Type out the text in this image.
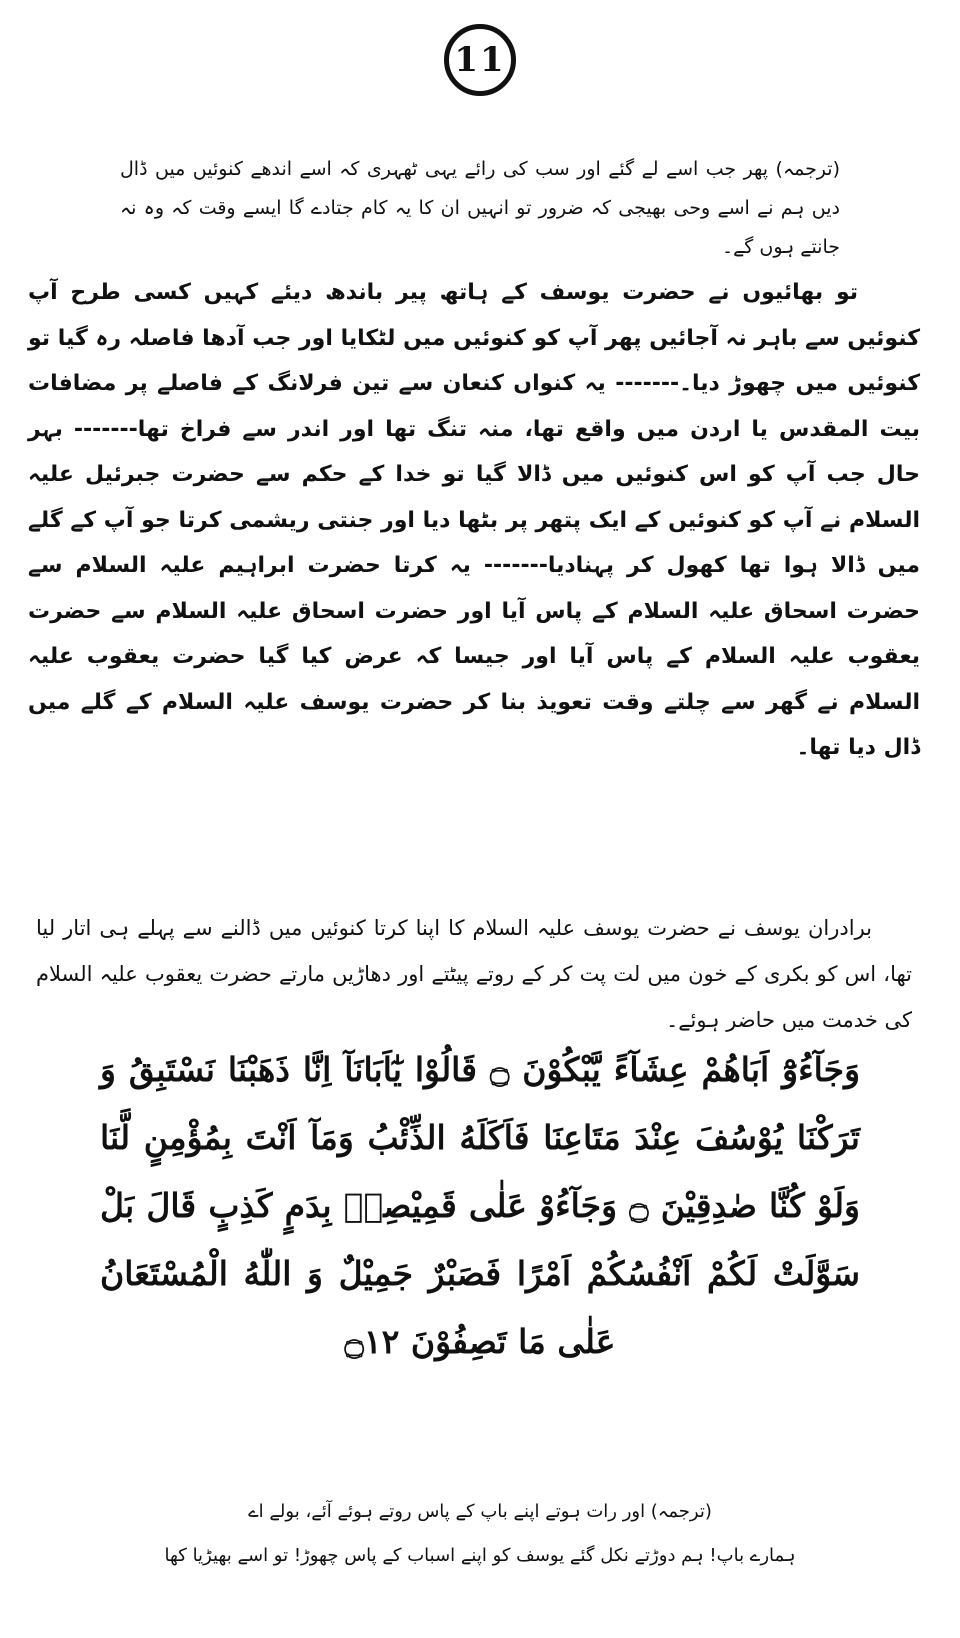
11

(ترجمہ) پھر جب اسے لے گئے اور سب کی رائے یہی ٹھہری کہ اسے اندھے کنوئیں میں ڈال دیں ہم نے اسے وحی بھیجی کہ ضرور تو انہیں ان کا یہ کام جتادے گا ایسے وقت کہ وہ نہ جانتے ہوں گے۔

تو بھائیوں نے حضرت یوسف کے ہاتھ پیر باندھ دیئے کہیں کسی طرح آپ کنوئیں سے باہر نہ آجائیں پھر آپ کو کنوئیں میں لٹکایا اور جب آدھا فاصلہ رہ گیا تو کنوئیں میں چھوڑ دیا۔------- یہ کنواں کنعان سے تین فرلانگ کے فاصلے پر مضافات بیت المقدس یا اردن میں واقع تھا، منہ تنگ تھا اور اندر سے فراخ تھا------- بہر حال جب آپ کو اس کنوئیں میں ڈالا گیا تو خدا کے حکم سے حضرت جبرئیل علیہ السلام نے آپ کو کنوئیں کے ایک پتھر پر بٹھا دیا اور جنتی ریشمی کرتا جو آپ کے گلے میں ڈالا ہوا تھا کھول کر پہنادیا------- یہ کرتا حضرت ابراہیم علیہ السلام سے حضرت اسحاق علیہ السلام کے پاس آیا اور حضرت اسحاق علیہ السلام سے حضرت یعقوب علیہ السلام کے پاس آیا اور جیسا کہ عرض کیا گیا حضرت یعقوب علیہ السلام نے گھر سے چلتے وقت تعویذ بنا کر حضرت یوسف علیہ السلام کے گلے میں ڈال دیا تھا۔

برادران یوسف نے حضرت یوسف علیہ السلام کا اپنا کرتا کنوئیں میں ڈالنے سے پہلے ہی اتار لیا تھا، اس کو بکری کے خون میں لت پت کر کے روتے پیٹتے اور دھاڑیں مارتے حضرت یعقوب علیہ السلام کی خدمت میں حاضر ہوئے۔

وَجَآءُوْٓ اَبَاهُمْ عِشَآءً يَّبْكُوْنَ ۝ قَالُوْا يٰٓاَبَانَآ اِنَّا ذَهَبْنَا نَسْتَبِقُ وَ تَرَكْنَا يُوْسُفَ عِنْدَ مَتَاعِنَا فَاَكَلَهُ الذِّئْبُ وَمَآ اَنْتَ بِمُؤْمِنٍ لَّنَا وَلَوْ كُنَّا صٰدِقِيْنَ ۝ وَجَآءُوْ عَلٰى قَمِيْصِهٖ بِدَمٍ كَذِبٍ قَالَ بَلْ سَوَّلَتْ لَكُمْ اَنْفُسُكُمْ اَمْرًا فَصَبْرٌ جَمِيْلٌ وَ اللّٰهُ الْمُسْتَعَانُ عَلٰى مَا تَصِفُوْنَ ۝۱۲

(ترجمہ) اور رات ہوتے اپنے باپ کے پاس روتے ہوئے آئے، بولے اے

ہمارے باپ! ہم دوڑتے نکل گئے یوسف کو اپنے اسباب کے پاس چھوڑ! تو اسے بھیڑیا کھا
